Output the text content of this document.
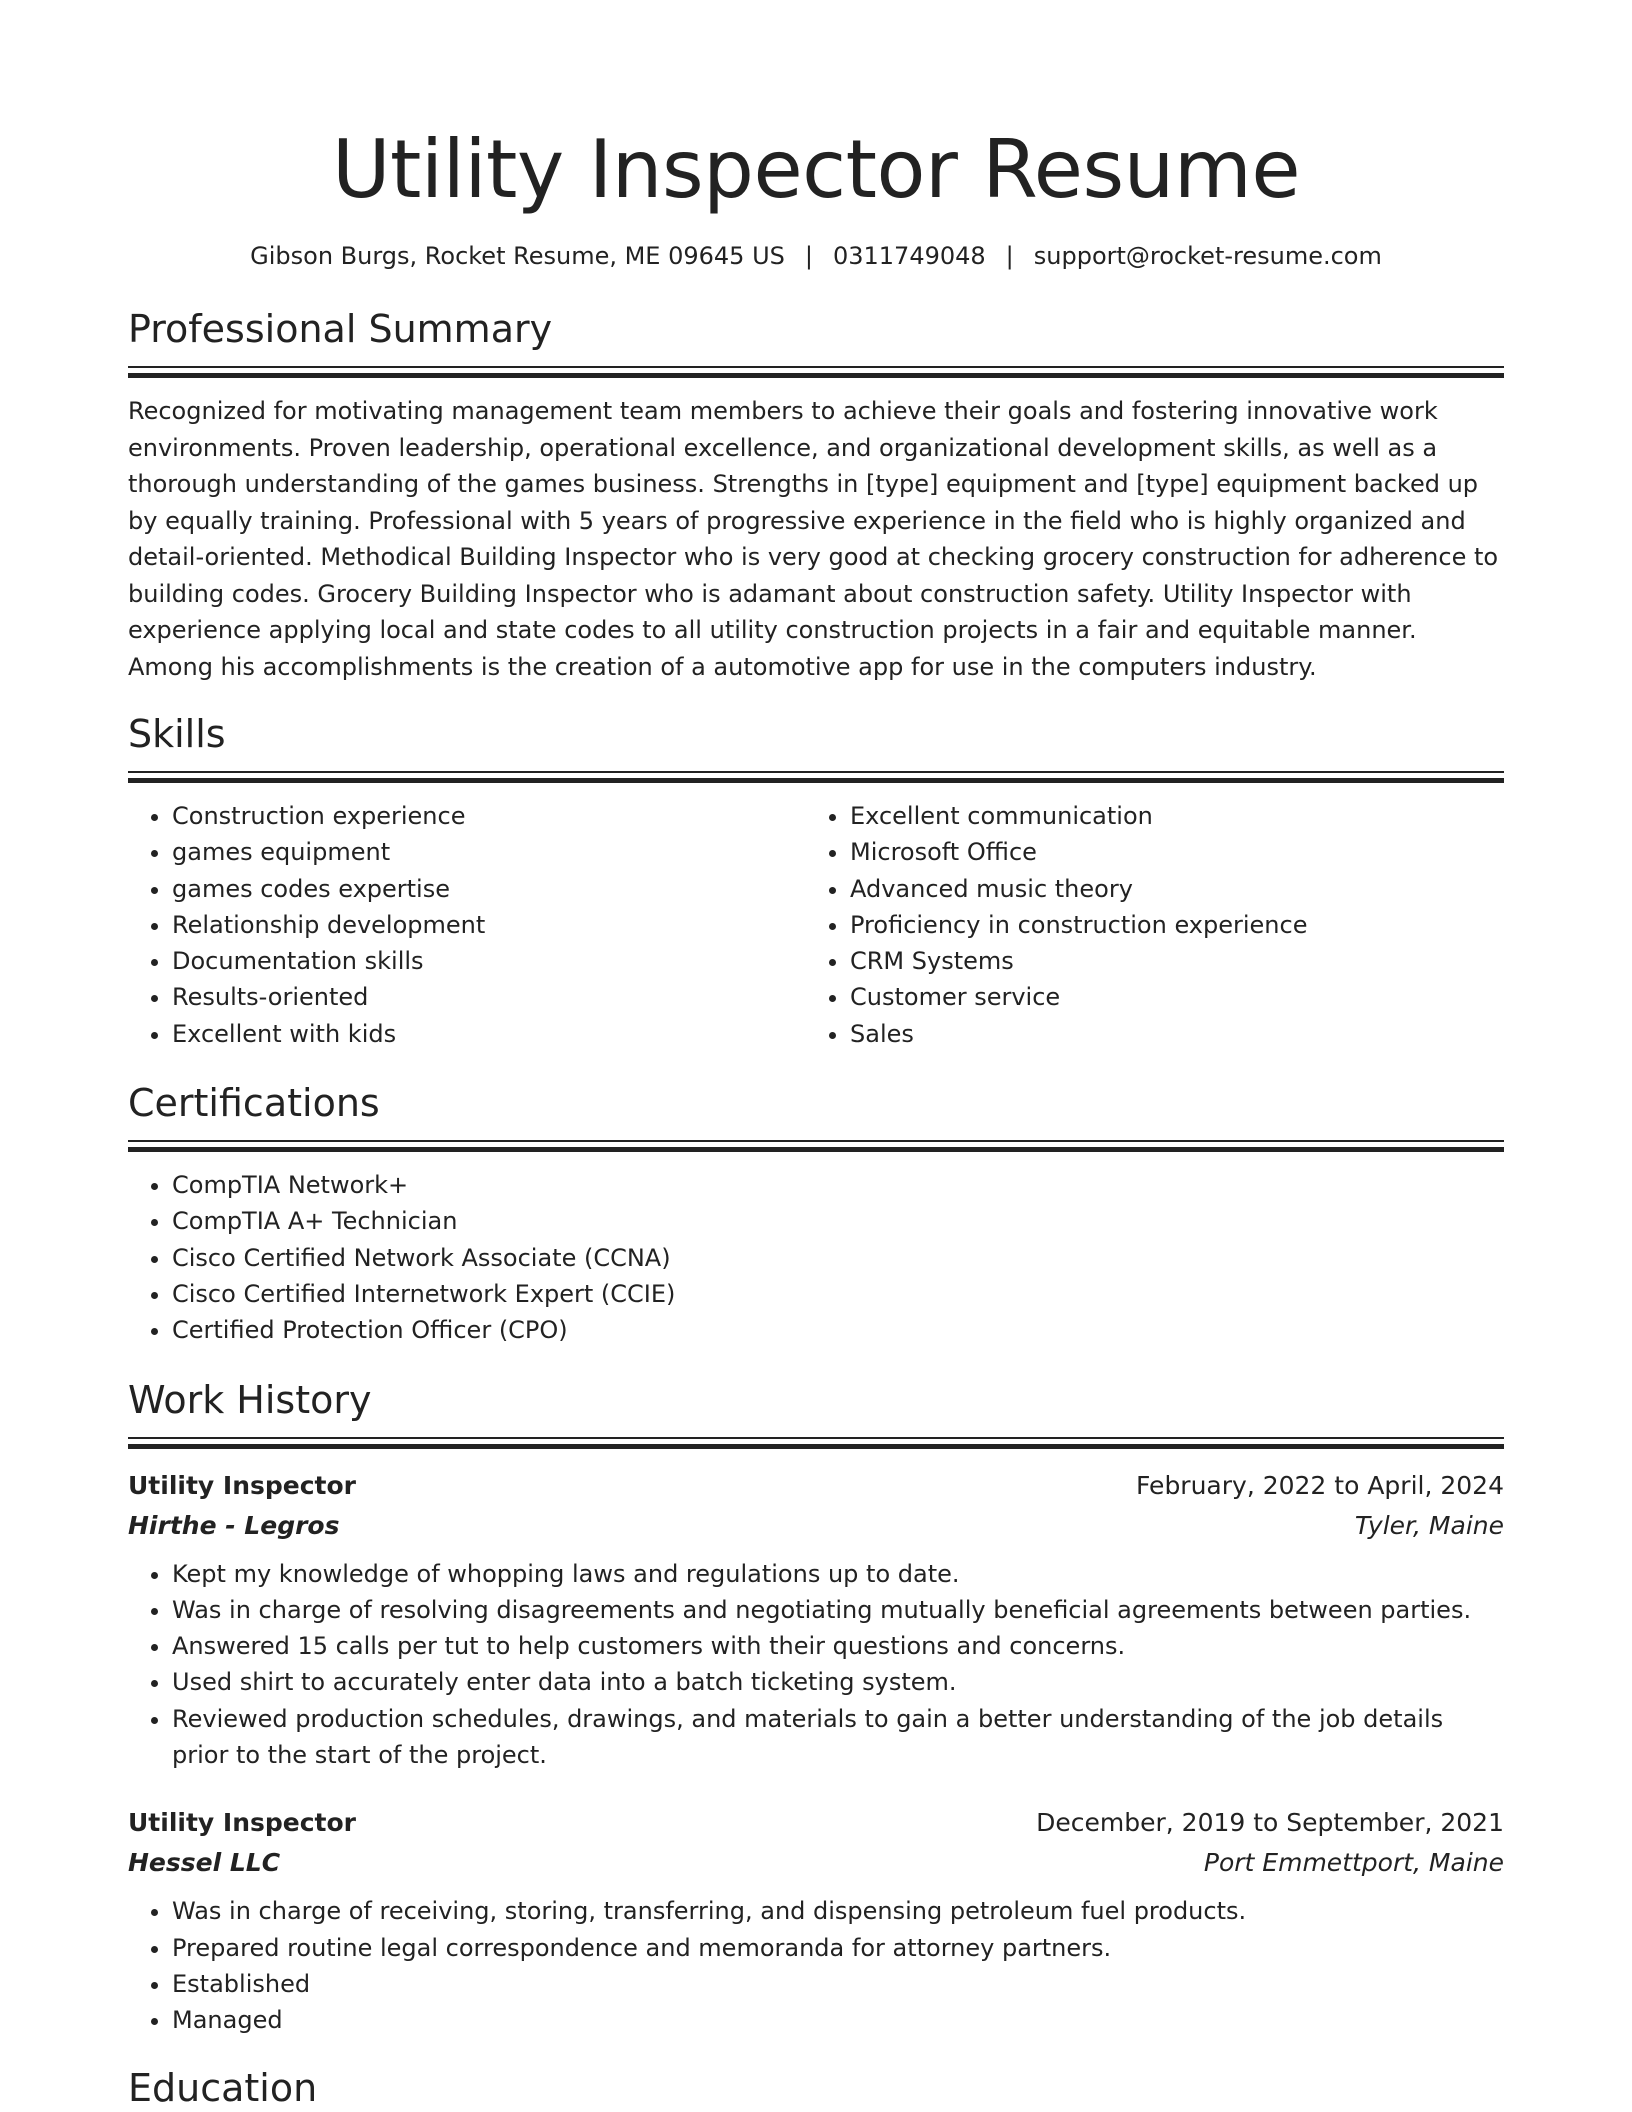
Utility Inspector Resume
Gibson Burgs, Rocket Resume, ME 09645 US | 0311749048 | support@rocket-resume.com
Professional Summary
Recognized for motivating management team members to achieve their goals and fostering innovative work environments. Proven leadership, operational excellence, and organizational development skills, as well as a thorough understanding of the games business. Strengths in [type] equipment and [type] equipment backed up by equally training. Professional with 5 years of progressive experience in the field who is highly organized and detail-oriented. Methodical Building Inspector who is very good at checking grocery construction for adherence to building codes. Grocery Building Inspector who is adamant about construction safety. Utility Inspector with experience applying local and state codes to all utility construction projects in a fair and equitable manner. Among his accomplishments is the creation of a automotive app for use in the computers industry.
Skills
• Construction experience
• games equipment
• games codes expertise
• Relationship development
• Documentation skills
• Results-oriented
• Excellent with kids
• Excellent communication
• Microsoft Office
• Advanced music theory
• Proficiency in construction experience
• CRM Systems
• Customer service
• Sales
Certifications
• CompTIA Network+
• CompTIA A+ Technician
• Cisco Certified Network Associate (CCNA)
• Cisco Certified Internetwork Expert (CCIE)
• Certified Protection Officer (CPO)
Work History
Utility Inspector	February, 2022 to April, 2024
Hirthe - Legros	Tyler, Maine
• Kept my knowledge of whopping laws and regulations up to date.
• Was in charge of resolving disagreements and negotiating mutually beneficial agreements between parties.
• Answered 15 calls per tut to help customers with their questions and concerns.
• Used shirt to accurately enter data into a batch ticketing system.
• Reviewed production schedules, drawings, and materials to gain a better understanding of the job details prior to the start of the project.
Utility Inspector	December, 2019 to September, 2021
Hessel LLC	Port Emmettport, Maine
• Was in charge of receiving, storing, transferring, and dispensing petroleum fuel products.
• Prepared routine legal correspondence and memoranda for attorney partners.
• Established
• Managed
Education
